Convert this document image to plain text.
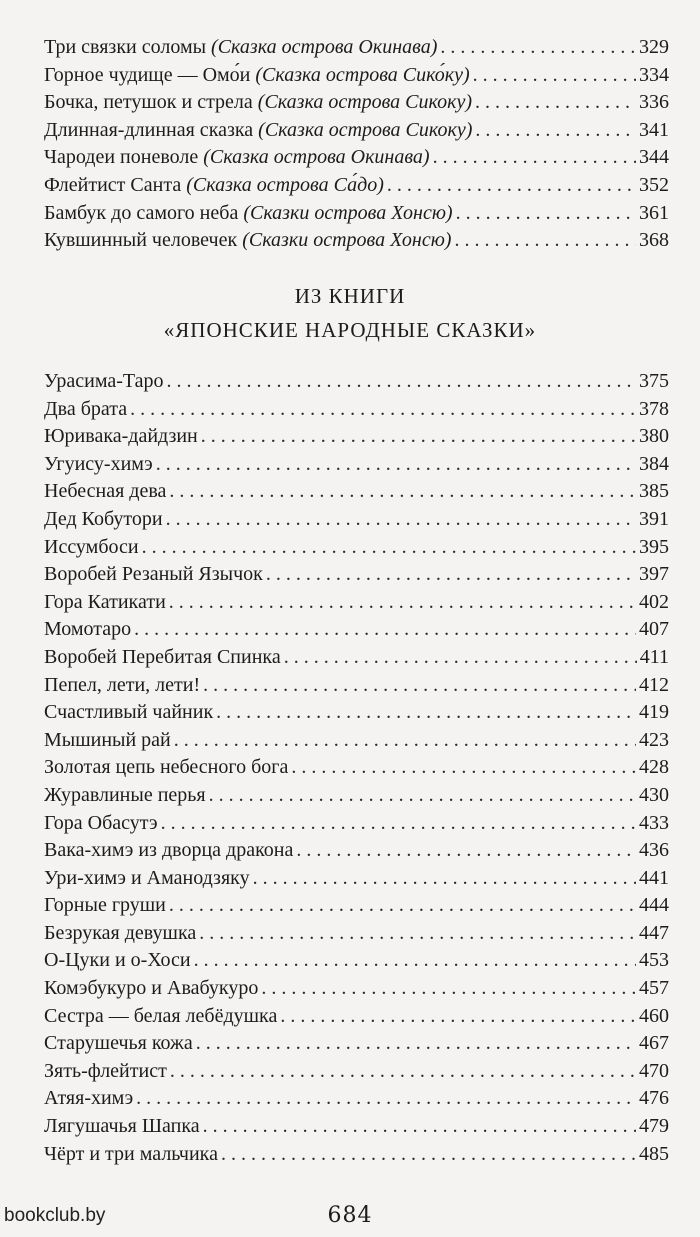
Три связки соломы (Сказка острова Окинава) . . .	329
Горное чудище — Омо́и (Сказка острова Сико́ку) . . .	334
Бочка, петушок и стрела (Сказка острова Сикоку) . . .	336
Длинная-длинная сказка (Сказка острова Сикоку) . . .	341
Чародеи поневоле (Сказка острова Окинава) . . .	344
Флейтист Санта (Сказка острова Са́до) . . .	352
Бамбук до самого неба (Сказки острова Хонсю) . . .	361
Кувшинный человечек (Сказки острова Хонсю) . . .	368
ИЗ КНИГИ
«ЯПОНСКИЕ НАРОДНЫЕ СКАЗКИ»
Урасима-Таро . . .	375
Два брата . . .	378
Юривака-дайдзин . . .	380
Угуису-химэ . . .	384
Небесная дева . . .	385
Дед Кобутори . . .	391
Иссумбоси . . .	395
Воробей Резаный Язычок . . .	397
Гора Катикати . . .	402
Момотаро . . .	407
Воробей Перебитая Спинка . . .	411
Пепел, лети, лети! . . .	412
Счастливый чайник . . .	419
Мышиный рай . . .	423
Золотая цепь небесного бога . . .	428
Журавлиные перья . . .	430
Гора Обасутэ . . .	433
Вака-химэ из дворца дракона . . .	436
Ури-химэ и Аманодзяку . . .	441
Горные груши . . .	444
Безрукая девушка . . .	447
О-Цуки и о-Хоси . . .	453
Комэбукуро и Авабукуро . . .	457
Сестра — белая лебёдушка . . .	460
Старушечья кожа . . .	467
Зять-флейтист . . .	470
Атяя-химэ . . .	476
Лягушачья Шапка . . .	479
Чёрт и три мальчика . . .	485
bookclub.by	684
